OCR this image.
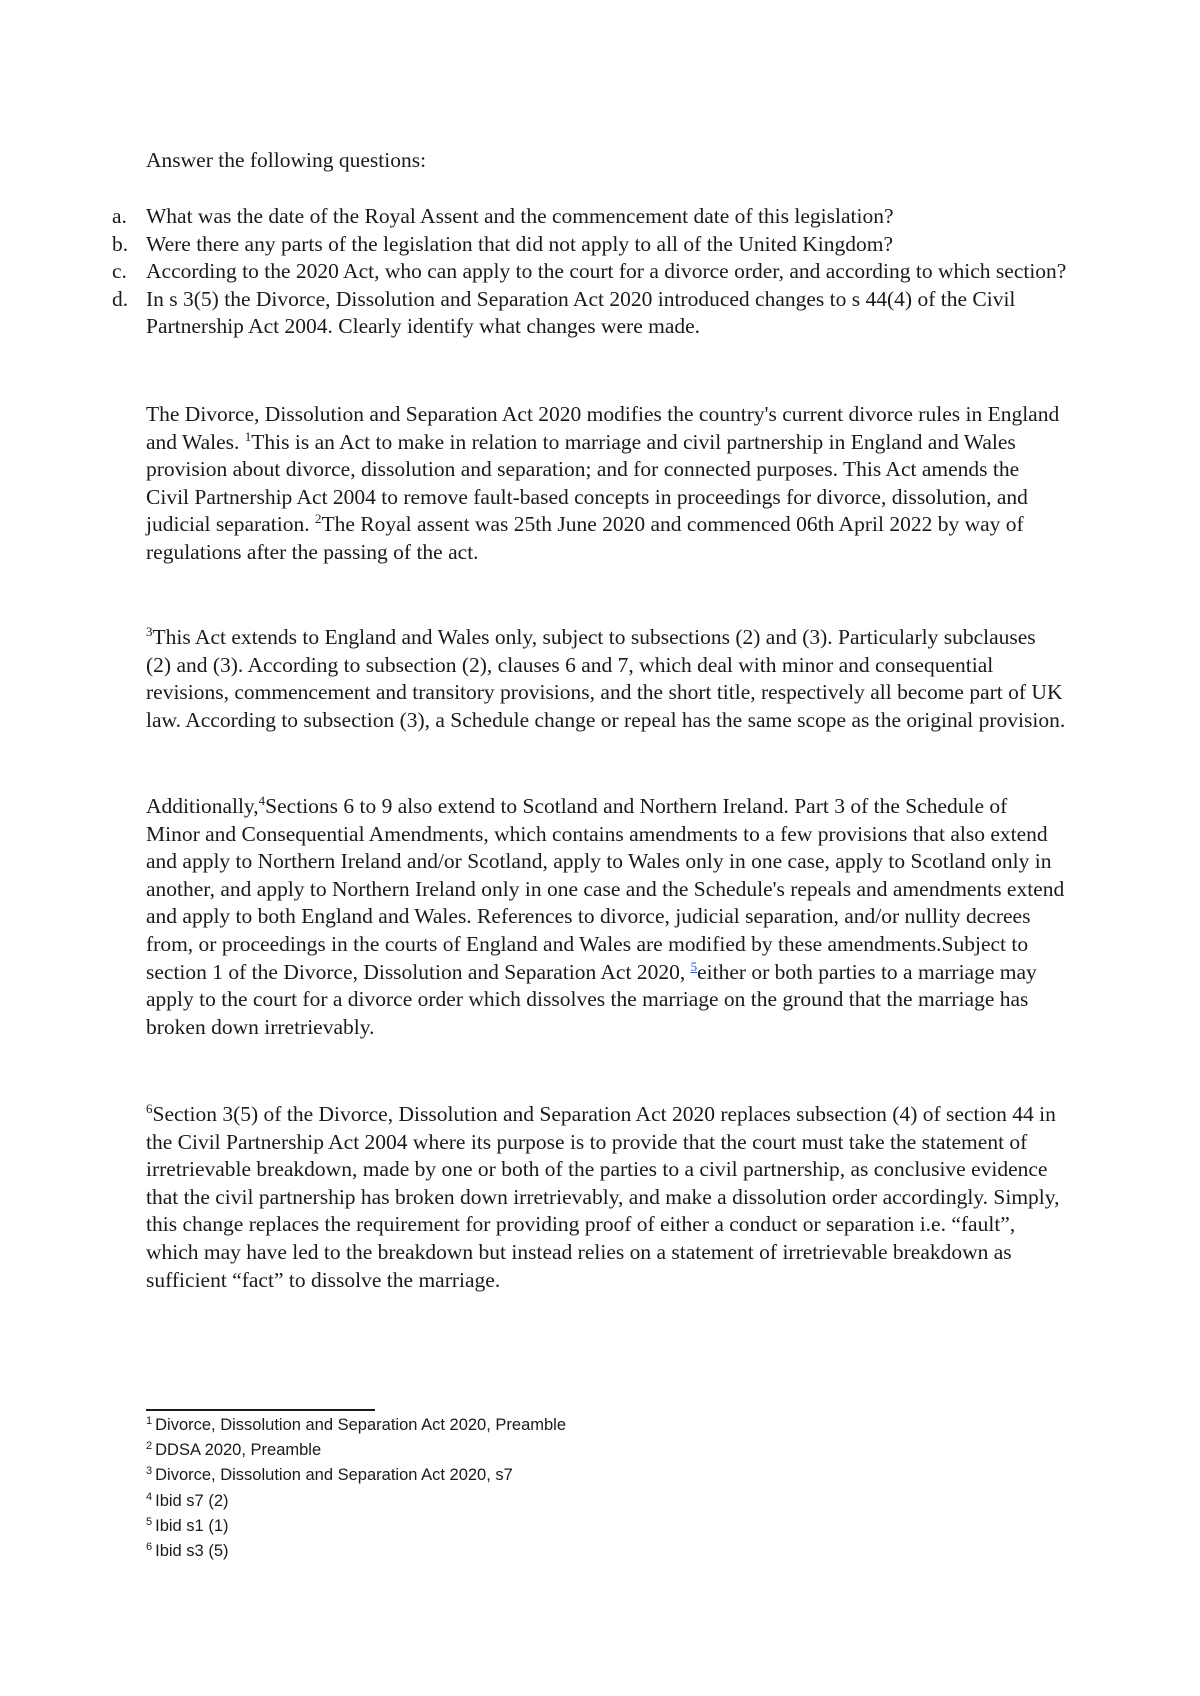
Answer the following questions:

a. What was the date of the Royal Assent and the commencement date of this legislation?
b. Were there any parts of the legislation that did not apply to all of the United Kingdom?
c. According to the 2020 Act, who can apply to the court for a divorce order, and according to which section?
d. In s 3(5) the Divorce, Dissolution and Separation Act 2020 introduced changes to s 44(4) of the Civil Partnership Act 2004. Clearly identify what changes were made.

The Divorce, Dissolution and Separation Act 2020 modifies the country's current divorce rules in England and Wales. $^1$This is an Act to make in relation to marriage and civil partnership in England and Wales provision about divorce, dissolution and separation; and for connected purposes. This Act amends the Civil Partnership Act 2004 to remove fault-based concepts in proceedings for divorce, dissolution, and judicial separation. $^2$The Royal assent was 25th June 2020 and commenced 06th April 2022 by way of regulations after the passing of the act.

$^3$This Act extends to England and Wales only, subject to subsections (2) and (3). Particularly subclauses (2) and (3). According to subsection (2), clauses 6 and 7, which deal with minor and consequential revisions, commencement and transitory provisions, and the short title, respectively all become part of UK law. According to subsection (3), a Schedule change or repeal has the same scope as the original provision.

Additionally,$^4$Sections 6 to 9 also extend to Scotland and Northern Ireland. Part 3 of the Schedule of Minor and Consequential Amendments, which contains amendments to a few provisions that also extend and apply to Northern Ireland and/or Scotland, apply to Wales only in one case, apply to Scotland only in another, and apply to Northern Ireland only in one case and the Schedule's repeals and amendments extend and apply to both England and Wales. References to divorce, judicial separation, and/or nullity decrees from, or proceedings in the courts of England and Wales are modified by these amendments.Subject to section 1 of the Divorce, Dissolution and Separation Act 2020, $^5$either or both parties to a marriage may apply to the court for a divorce order which dissolves the marriage on the ground that the marriage has broken down irretrievably.

$^6$Section 3(5) of the Divorce, Dissolution and Separation Act 2020 replaces subsection (4) of section 44 in the Civil Partnership Act 2004 where its purpose is to provide that the court must take the statement of irretrievable breakdown, made by one or both of the parties to a civil partnership, as conclusive evidence that the civil partnership has broken down irretrievably, and make a dissolution order accordingly. Simply, this change replaces the requirement for providing proof of either a conduct or separation i.e. “fault”, which may have led to the breakdown but instead relies on a statement of irretrievable breakdown as sufficient “fact” to dissolve the marriage.

$^1$ Divorce, Dissolution and Separation Act 2020, Preamble
$^2$ DDSA 2020, Preamble
$^3$ Divorce, Dissolution and Separation Act 2020, s7
$^4$ Ibid s7 (2)
$^5$ Ibid s1 (1)
$^6$ Ibid s3 (5)
